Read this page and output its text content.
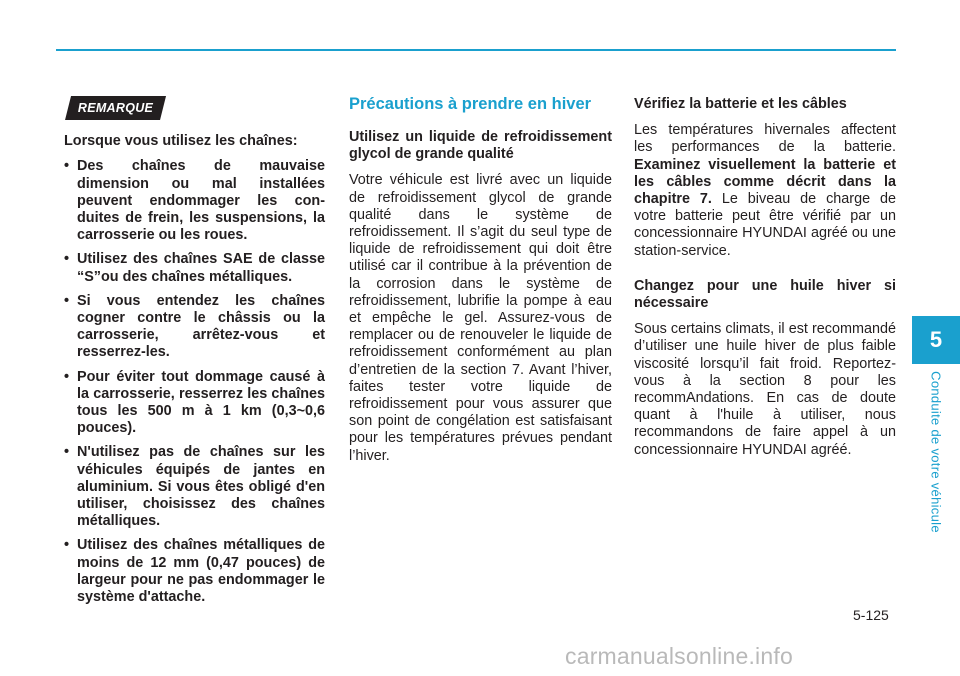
5
Conduite de votre véhicule
REMARQUE

Lorsque vous utilisez les chaînes:

• Des chaînes de mauvaise dimension ou mal installées peuvent endommager les con-duites de frein, les suspensions, la carrosserie ou les roues.
• Utilisez des chaînes SAE de classe “S”ou des chaînes métalliques.
• Si vous entendez les chaînes cogner contre le châssis ou la carrosserie, arrêtez-vous et resserrez-les.
• Pour éviter tout dommage causé à la carrosserie, resserrez les chaînes tous les 500 m à 1 km (0,3~0,6 pouces).
• N'utilisez pas de chaînes sur les véhicules équipés de jantes en aluminium. Si vous êtes obligé d'en utiliser, choisissez des chaînes métalliques.
• Utilisez des chaînes métalliques de moins de 12 mm (0,47 pouces) de largeur pour ne pas endommager le système d'attache.
Précautions à prendre en hiver
Utilisez un liquide de refroidissement glycol de grande qualité

Votre véhicule est livré avec un liquide de refroidissement glycol de grande qualité dans le système de refroidissement. Il s’agit du seul type de liquide de refroidissement qui doit être utilisé car il contribue à la prévention de la corrosion dans le système de refroidissement, lubrifie la pompe à eau et empêche le gel. Assurez-vous de remplacer ou de renouveler le liquide de refroidissement conformément au plan d’entretien de la section 7. Avant l’hiver, faites tester votre liquide de refroidissement pour vous assurer que son point de congélation est satisfaisant pour les températures prévues pendant l’hiver.

Vérifiez la batterie et les câbles

Les températures hivernales affectent les performances de la batterie. Examinez visuellement la batterie et les câbles comme décrit dans la chapitre 7. Le biveau de charge de votre batterie peut être vérifié par un concessionnaire HYUNDAI agréé ou une station-service.

Changez pour une huile hiver si nécessaire

Sous certains climats, il est recommandé d’utiliser une huile hiver de plus faible viscosité lorsqu’il fait froid. Reportez-vous à la section 8 pour les recommAndations. En cas de doute quant à l'huile à utiliser, nous recommandons de faire appel à un concessionnaire HYUNDAI agréé.

5-125
carmanualsonline.info
